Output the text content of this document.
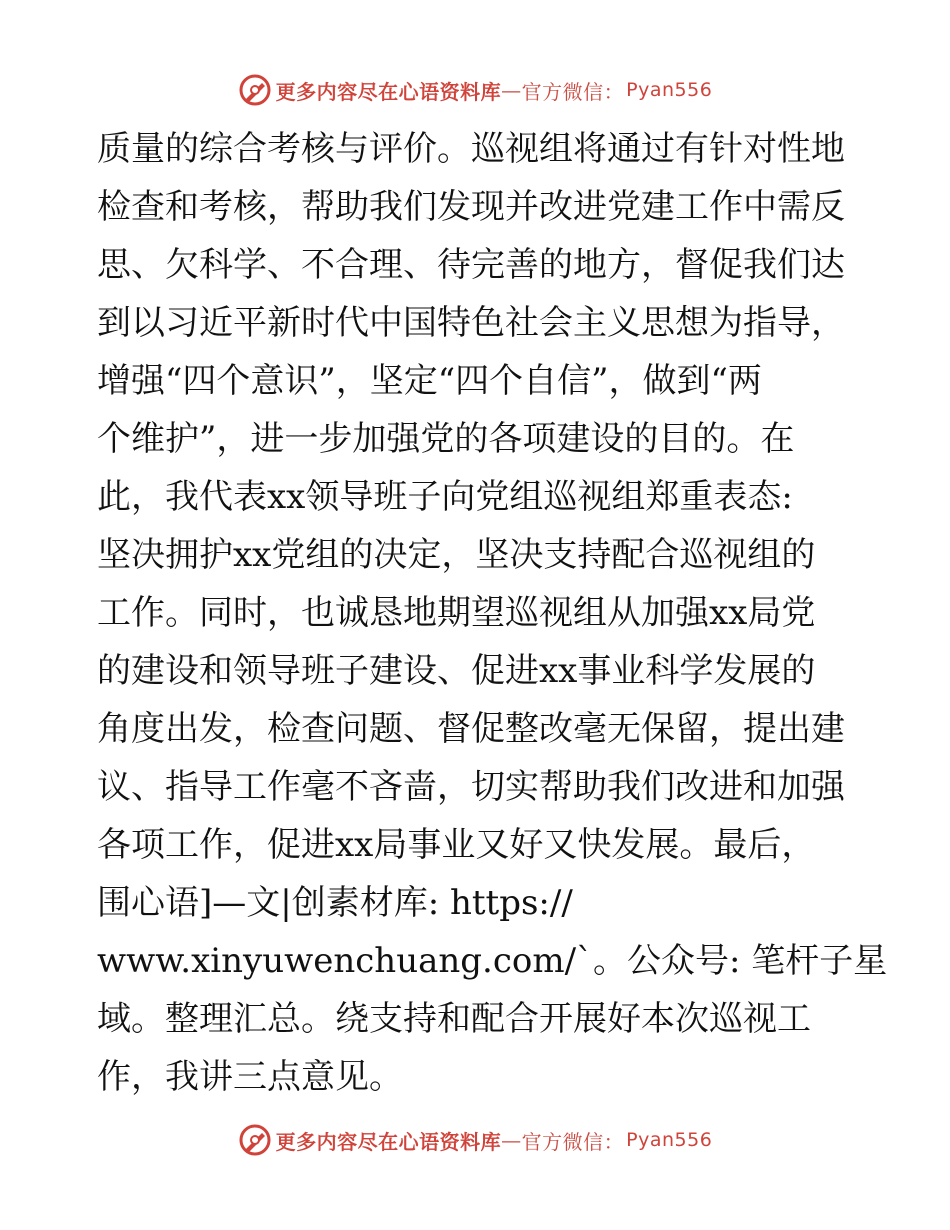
更多内容尽在心语资料库 — 官方微信： Pyan556
质量的综合考核与评价。巡视组将通过有针对性地
检查和考核，帮助我们发现并改进党建工作中需反
思、欠科学、不合理、待完善的地方，督促我们达
到以习近平新时代中国特色社会主义思想为指导，
增强“四个意识”，坚定“四个自信”，做到“两
个维护”，进一步加强党的各项建设的目的。在
此，我代表xx领导班子向党组巡视组郑重表态:
坚决拥护xx党组的决定，坚决支持配合巡视组的
工作。同时，也诚恳地期望巡视组从加强xx局党
的建设和领导班子建设、促进xx事业科学发展的
角度出发，检查问题、督促整改毫无保留，提出建
议、指导工作毫不吝啬，切实帮助我们改进和加强
各项工作，促进xx局事业又好又快发展。最后，
围心语]—文|创素材库: https://
www.xinyuwenchuang.com/`。公众号: 笔杆子星
域。整理汇总。绕支持和配合开展好本次巡视工
作，我讲三点意见。
更多内容尽在心语资料库 — 官方微信： Pyan556
